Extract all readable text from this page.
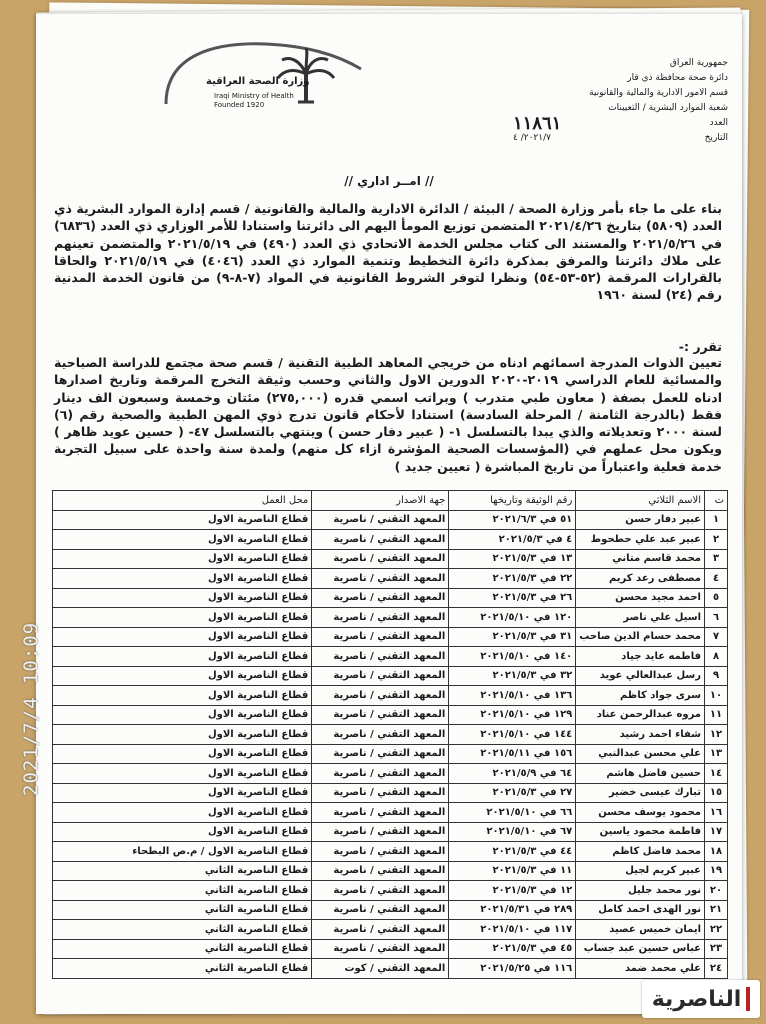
جمهورية العراق
دائرة صحة محافظة ذي قار
قسم الامور الادارية والمالية والقانونية
شعبة الموارد البشرية / التعيينات
العدد
١١٨٦١
التاريخ
٢٠٢١/٧/ ٤
وزارة الصحة العراقية
Iraqi Ministry of Health
Founded 1920
// امــر اداري //
بناء على ما جاء بأمر وزارة الصحة / البيئة / الدائرة الادارية والمالية والقانونية / قسم إدارة الموارد البشرية ذي العدد (٥٨٠٩) بتاريخ ٢٠٢١/٤/٢٦ المتضمن توزيع المومأ اليهم الى دائرتنا واستنادا للأمر الوزاري ذي العدد (٦٨٣٦) في ٢٠٢١/٥/٢٦ والمستند الى كتاب مجلس الخدمة الاتحادي ذي العدد (٤٩٠) في ٢٠٢١/٥/١٩ والمتضمن تعينهم على ملاك دائرتنا والمرفق بمذكرة دائرة التخطيط وتنمية الموارد ذي العدد (٤٠٤٦) في ٢٠٢١/٥/١٩ والحاقا بالقرارات المرقمة (٥٢-٥٣-٥٤) ونظرا لتوفر الشروط القانونية في المواد (٧-٨-٩) من قانون الخدمة المدنية رقم (٢٤) لسنة ١٩٦٠
تقرر :-
تعيين الذوات المدرجة اسمائهم ادناه من خريجي المعاهد الطبية التقنية / قسم صحة مجتمع للدراسة الصباحية والمسائية للعام الدراسي ٢٠١٩-٢٠٢٠ الدورين الاول والثاني وحسب وثيقة التخرج المرقمة وتاريخ اصدارها ادناه للعمل بصفة ( معاون طبي متدرب ) وبراتب اسمي قدره (٢٧٥,٠٠٠) مئتان وخمسة وسبعون الف دينار فقط (بالدرجة الثامنة / المرحلة السادسة) استنادا لأحكام قانون تدرج ذوي المهن الطبية والصحية رقم (٦) لسنة ٢٠٠٠ وتعديلاته والذي يبدا بالتسلسل ١- ( عبير دفار حسن ) وينتهي بالتسلسل ٤٧- ( حسين عويد ظاهر ) ويكون محل عملهم في (المؤسسات الصحية المؤشرة ازاء كل منهم) ولمدة سنة واحدة على سبيل التجربة خدمة فعلية واعتباراً من تاريخ المباشرة ( تعيين جديد )
ت	الاسم الثلاثي	رقم الوثيقة وتاريخها	جهة الاصدار	محل العمل
١	عبير دفار حسن	٥١ في ٢٠٢١/٦/٣	المعهد التقني / ناصرية	قطاع الناصرية الاول
٢	عبير عبد علي حطحوط	٤ في ٢٠٢١/٥/٣	المعهد التقني / ناصرية	قطاع الناصرية الاول
٣	محمد قاسم متاني	١٣ في ٢٠٢١/٥/٣	المعهد التقني / ناصرية	قطاع الناصرية الاول
٤	مصطفى رعد كريم	٢٢ في ٢٠٢١/٥/٣	المعهد التقني / ناصرية	قطاع الناصرية الاول
٥	احمد مجيد محسن	٢٦ في ٢٠٢١/٥/٣	المعهد التقني / ناصرية	قطاع الناصرية الاول
٦	اسيل علي ناصر	١٢٠ في ٢٠٢١/٥/١٠	المعهد التقني / ناصرية	قطاع الناصرية الاول
٧	محمد حسام الدين صاحب	٣١ في ٢٠٢١/٥/٣	المعهد التقني / ناصرية	قطاع الناصرية الاول
٨	فاطمه عايد جياد	١٤٠ في ٢٠٢١/٥/١٠	المعهد التقني / ناصرية	قطاع الناصرية الاول
٩	رسل عبدالعالي عويد	٣٢ في ٢٠٢١/٥/٣	المعهد التقني / ناصرية	قطاع الناصرية الاول
١٠	سرى جواد كاظم	١٣٦ في ٢٠٢١/٥/١٠	المعهد التقني / ناصرية	قطاع الناصرية الاول
١١	مروه عبدالرحمن عناد	١٢٩ في ٢٠٢١/٥/١٠	المعهد التقني / ناصرية	قطاع الناصرية الاول
١٢	شفاء احمد رشيد	١٤٤ في ٢٠٢١/٥/١٠	المعهد التقني / ناصرية	قطاع الناصرية الاول
١٣	علي محسن عبدالنبي	١٥٦ في ٢٠٢١/٥/١١	المعهد التقني / ناصرية	قطاع الناصرية الاول
١٤	حسين فاضل هاشم	٦٤ في ٢٠٢١/٥/٩	المعهد التقني / ناصرية	قطاع الناصرية الاول
١٥	تبارك عيسى خضير	٢٧ في ٢٠٢١/٥/٣	المعهد التقني / ناصرية	قطاع الناصرية الاول
١٦	محمود يوسف محسن	٦٦ في ٢٠٢١/٥/١٠	المعهد التقني / ناصرية	قطاع الناصرية الاول
١٧	فاطمة محمود ياسين	٦٧ في ٢٠٢١/٥/١٠	المعهد التقني / ناصرية	قطاع الناصرية الاول
١٨	محمد فاضل كاظم	٤٤ في ٢٠٢١/٥/٣	المعهد التقني / ناصرية	قطاع الناصرية الاول / م.ص البطحاء
١٩	عبير كريم لجيل	١١ في ٢٠٢١/٥/٣	المعهد التقني / ناصرية	قطاع الناصرية الثاني
٢٠	نور محمد جليل	١٢ في ٢٠٢١/٥/٣	المعهد التقني / ناصرية	قطاع الناصرية الثاني
٢١	نور الهدى احمد كامل	٢٨٩ في ٢٠٢١/٥/٣١	المعهد التقني / ناصرية	قطاع الناصرية الثاني
٢٢	ايمان خميس عصيد	١١٧ في ٢٠٢١/٥/١٠	المعهد التقني / ناصرية	قطاع الناصرية الثاني
٢٣	عباس حسين عبد جساب	٤٥ في ٢٠٢١/٥/٣	المعهد التقني / ناصرية	قطاع الناصرية الثاني
٢٤	علي محمد ضمد	١١٦ في ٢٠٢١/٥/٢٥	المعهد التقني / كوت	قطاع الناصرية الثاني
2021/7/4 10:09
الناصرية
